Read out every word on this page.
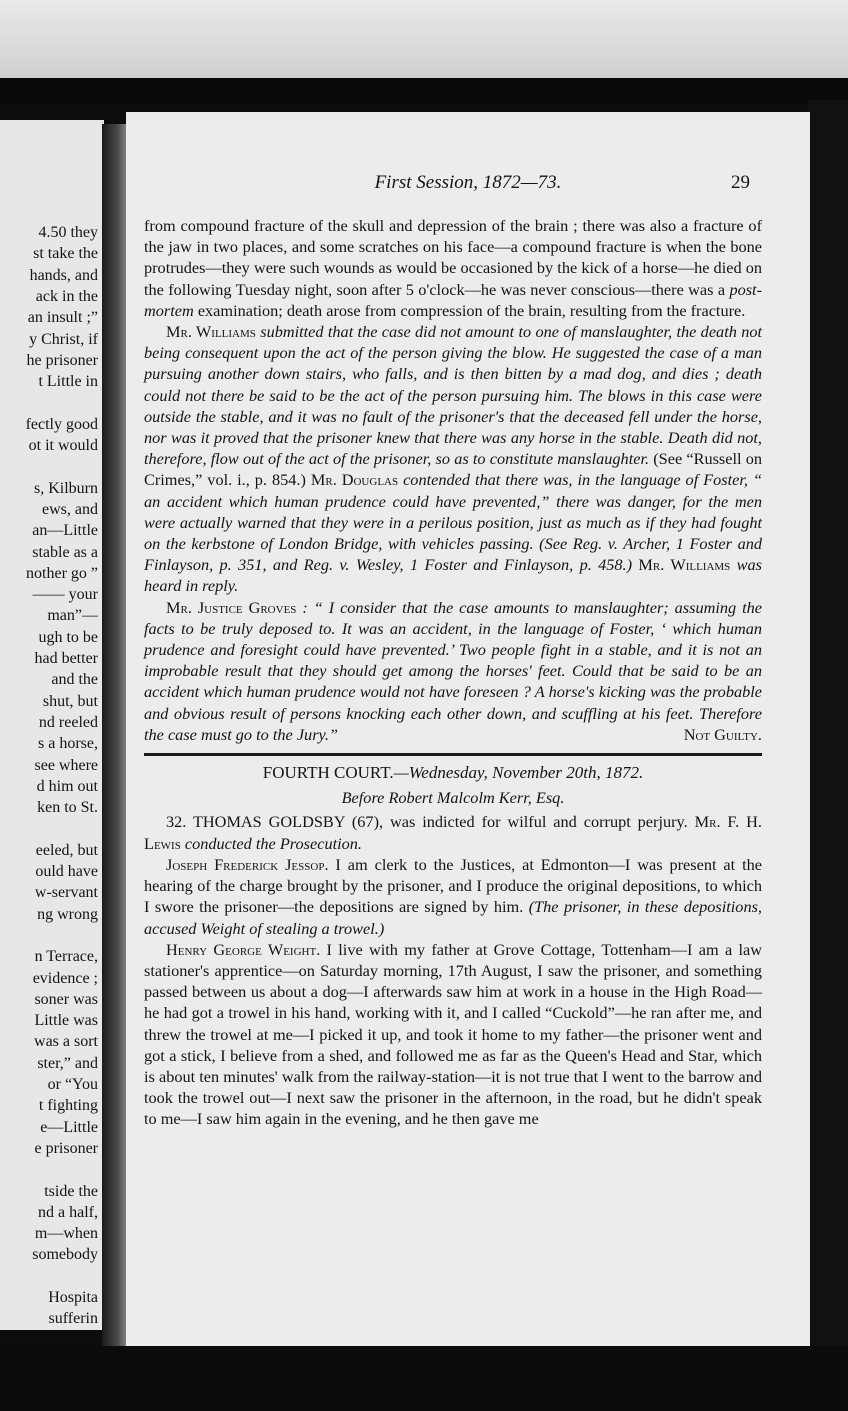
4.50 they
st take the
hands, and
ack in the
an insult ;”
y Christ, if
he prisoner
t Little in
fectly good
ot it would
s, Kilburn
ews, and
an—Little
stable as a
nother go ”
—— your
man”—
ugh to be
had better
and the
shut, but
nd reeled
s a horse,
see where
d him out
ken to St.
eeled, but
ould have
w-servant
ng wrong
n Terrace,
evidence ;
soner was
Little was
was a sort
ster,” and
or “You
t fighting
e—Little
e prisoner
tside the
nd a half,
m—when
somebody
Hospita
sufferin
First Session, 1872—73.	29

from compound fracture of the skull and depression of the brain ; there was also a fracture of the jaw in two places, and some scratches on his face—a compound fracture is when the bone protrudes—they were such wounds as would be occasioned by the kick of a horse—he died on the following Tuesday night, soon after 5 o'clock—he was never conscious—there was a post-mortem examination; death arose from compression of the brain, resulting from the fracture.

Mr. Williams submitted that the case did not amount to one of manslaughter, the death not being consequent upon the act of the person giving the blow. He suggested the case of a man pursuing another down stairs, who falls, and is then bitten by a mad dog, and dies ; death could not there be said to be the act of the person pursuing him. The blows in this case were outside the stable, and it was no fault of the prisoner's that the deceased fell under the horse, nor was it proved that the prisoner knew that there was any horse in the stable. Death did not, therefore, flow out of the act of the prisoner, so as to constitute manslaughter. (See “Russell on Crimes,” vol. i., p. 854.) Mr. Douglas contended that there was, in the language of Foster, “ an accident which human prudence could have prevented,” there was danger, for the men were actually warned that they were in a perilous position, just as much as if they had fought on the kerbstone of London Bridge, with vehicles passing. (See Reg. v. Archer, 1 Foster and Finlayson, p. 351, and Reg. v. Wesley, 1 Foster and Finlayson, p. 458.) Mr. Williams was heard in reply.

Mr. Justice Groves : “ I consider that the case amounts to manslaughter; assuming the facts to be truly deposed to. It was an accident, in the language of Foster, ‘ which human prudence and foresight could have prevented.’ Two people fight in a stable, and it is not an improbable result that they should get among the horses' feet. Could that be said to be an accident which human prudence would not have foreseen ? A horse's kicking was the probable and obvious result of persons knocking each other down, and scuffling at his feet. Therefore the case must go to the Jury.”	Not Guilty.

FOURTH COURT.—Wednesday, November 20th, 1872.
Before Robert Malcolm Kerr, Esq.

32. THOMAS GOLDSBY (67), was indicted for wilful and corrupt perjury. Mr. F. H. Lewis conducted the Prosecution.

Joseph Frederick Jessop. I am clerk to the Justices, at Edmonton—I was present at the hearing of the charge brought by the prisoner, and I produce the original depositions, to which I swore the prisoner—the depositions are signed by him. (The prisoner, in these depositions, accused Weight of stealing a trowel.)

Henry George Weight. I live with my father at Grove Cottage, Tottenham—I am a law stationer's apprentice—on Saturday morning, 17th August, I saw the prisoner, and something passed between us about a dog—I afterwards saw him at work in a house in the High Road—he had got a trowel in his hand, working with it, and I called “Cuckold”—he ran after me, and threw the trowel at me—I picked it up, and took it home to my father—the prisoner went and got a stick, I believe from a shed, and followed me as far as the Queen's Head and Star, which is about ten minutes' walk from the railway-station—it is not true that I went to the barrow and took the trowel out—I next saw the prisoner in the afternoon, in the road, but he didn't speak to me—I saw him again in the evening, and he then gave me
